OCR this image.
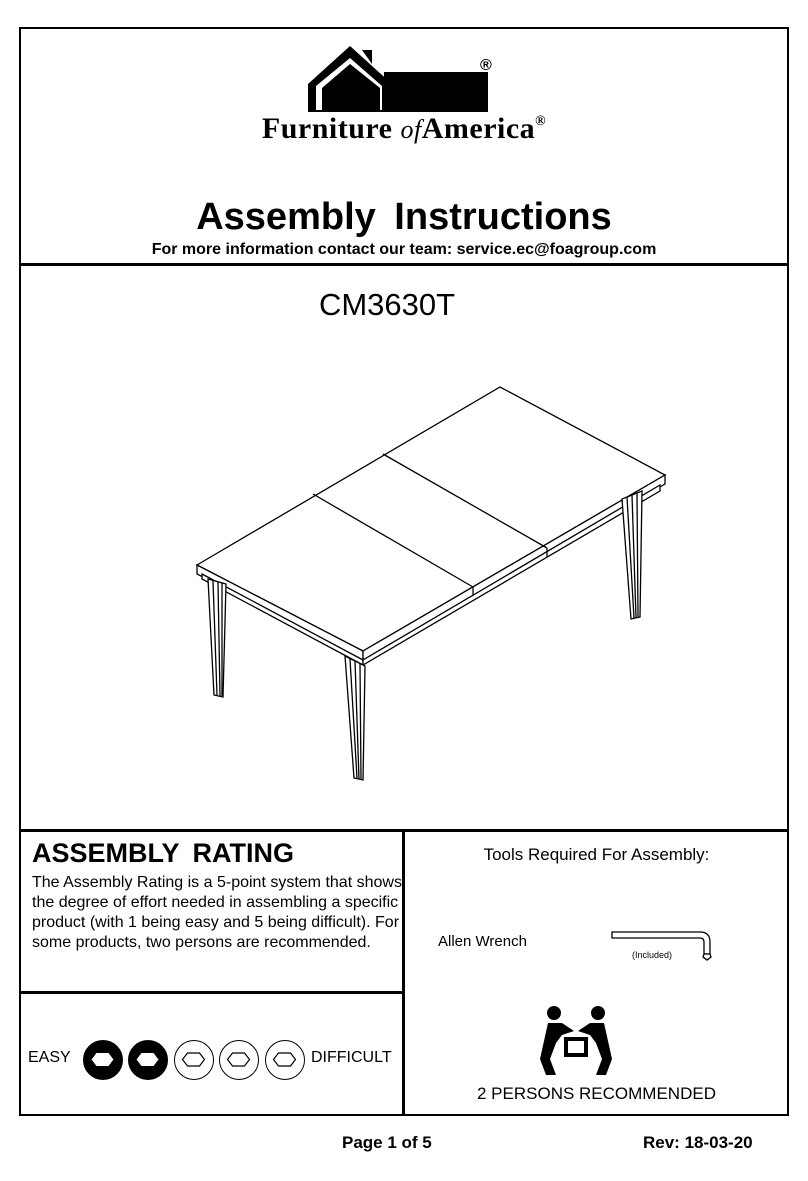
®
Furniture ofAmerica®
Assembly Instructions
For more information contact our team: service.ec@foagroup.com
CM3630T
ASSEMBLY RATING
The Assembly Rating is a 5-point system that shows the degree of effort needed in assembling a specific product (with 1 being easy and 5 being difficult). For some products, two persons are recommended.
EASY	DIFFICULT
Tools Required For Assembly:
Allen Wrench
(Included)
2 PERSONS RECOMMENDED
Page 1 of 5	Rev: 18-03-20
